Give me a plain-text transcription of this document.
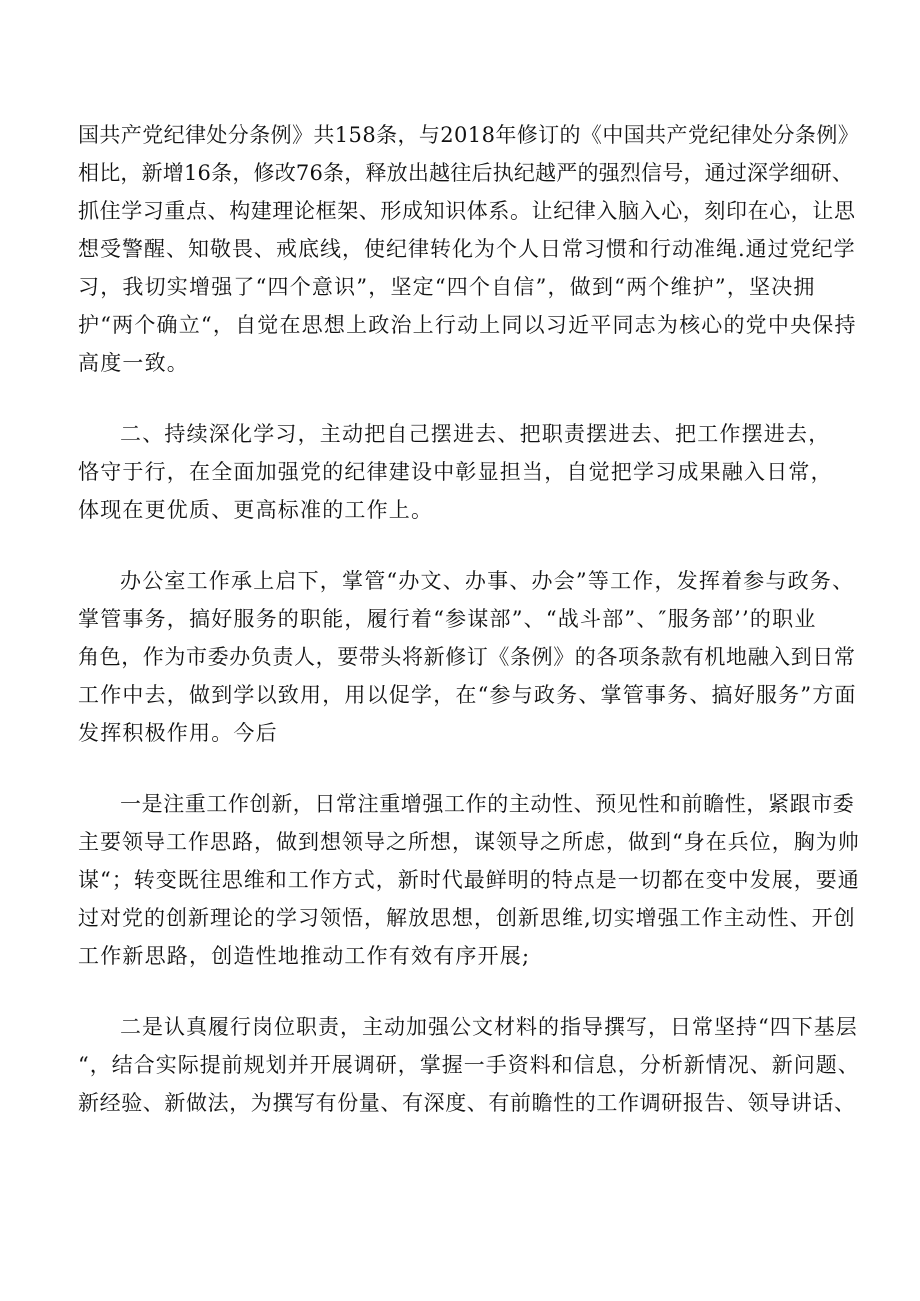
国共产党纪律处分条例》共158条，与2018年修订的《中国共产党纪律处分条例》
相比，新增16条，修改76条，释放出越往后执纪越严的强烈信号，通过深学细研、
抓住学习重点、构建理论框架、形成知识体系。让纪律入脑入心，刻印在心，让思
想受警醒、知敬畏、戒底线，使纪律转化为个人日常习惯和行动准绳.通过党纪学
习，我切实增强了“四个意识”，坚定“四个自信”，做到“两个维护”，坚决拥
护“两个确立“，自觉在思想上政治上行动上同以习近平同志为核心的党中央保持
高度一致。
二、持续深化学习，主动把自己摆进去、把职责摆进去、把工作摆进去，
恪守于行，在全面加强党的纪律建设中彰显担当，自觉把学习成果融入日常，
体现在更优质、更高标准的工作上。
办公室工作承上启下，掌管“办文、办事、办会”等工作，发挥着参与政务、
掌管事务，搞好服务的职能，履行着“参谋部”、“战斗部”、″服务部’’的职业
角色，作为市委办负责人，要带头将新修订《条例》的各项条款有机地融入到日常
工作中去，做到学以致用，用以促学，在“参与政务、掌管事务、搞好服务”方面
发挥积极作用。今后
一是注重工作创新，日常注重增强工作的主动性、预见性和前瞻性，紧跟市委
主要领导工作思路，做到想领导之所想，谋领导之所虑，做到“身在兵位，胸为帅
谋“；转变既往思维和工作方式，新时代最鲜明的特点是一切都在变中发展，要通
过对党的创新理论的学习领悟，解放思想，创新思维,切实增强工作主动性、开创
工作新思路，创造性地推动工作有效有序开展;
二是认真履行岗位职责，主动加强公文材料的指导撰写，日常坚持“四下基层
“，结合实际提前规划并开展调研，掌握一手资料和信息，分析新情况、新问题、
新经验、新做法，为撰写有份量、有深度、有前瞻性的工作调研报告、领导讲话、
